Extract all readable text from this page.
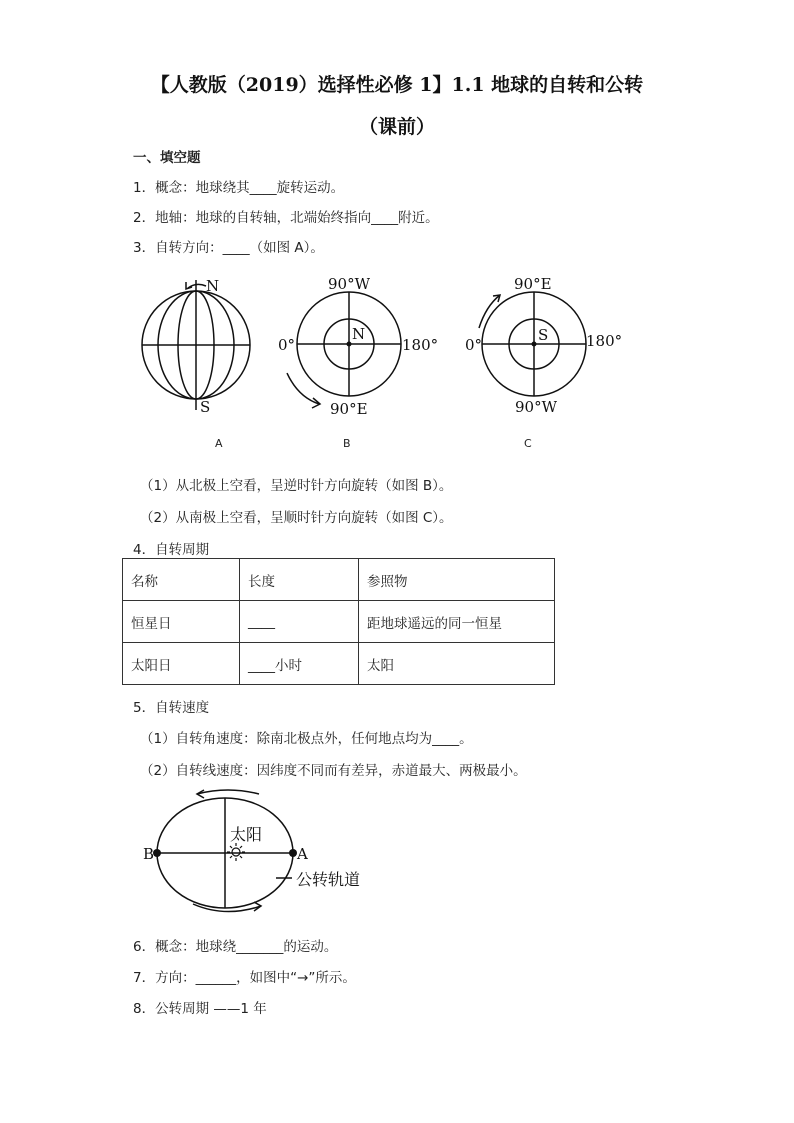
【人教版（2019）选择性必修 1】1.1 地球的自转和公转
（课前）
一、填空题
1．概念：地球绕其____旋转运动。
2．地轴：地球的自转轴，北端始终指向____附近。
3．自转方向：____（如图 A）。
N
S
A
90°W
0°	180°
N
90°E
B
90°E
0°	180°
S
90°W
C
B	A
太阳
公转轨道
（1）从北极上空看，呈逆时针方向旋转（如图 B）。
（2）从南极上空看，呈顺时针方向旋转（如图 C）。
4．自转周期
名称	长度	参照物
恒星日	____	距地球遥远的同一恒星
太阳日	____小时	太阳
5．自转速度
（1）自转角速度：除南北极点外，任何地点均为____。
（2）自转线速度：因纬度不同而有差异，赤道最大、两极最小。
6．概念：地球绕_______的运动。
7．方向：______，如图中“→”所示。
8．公转周期 ——1 年
